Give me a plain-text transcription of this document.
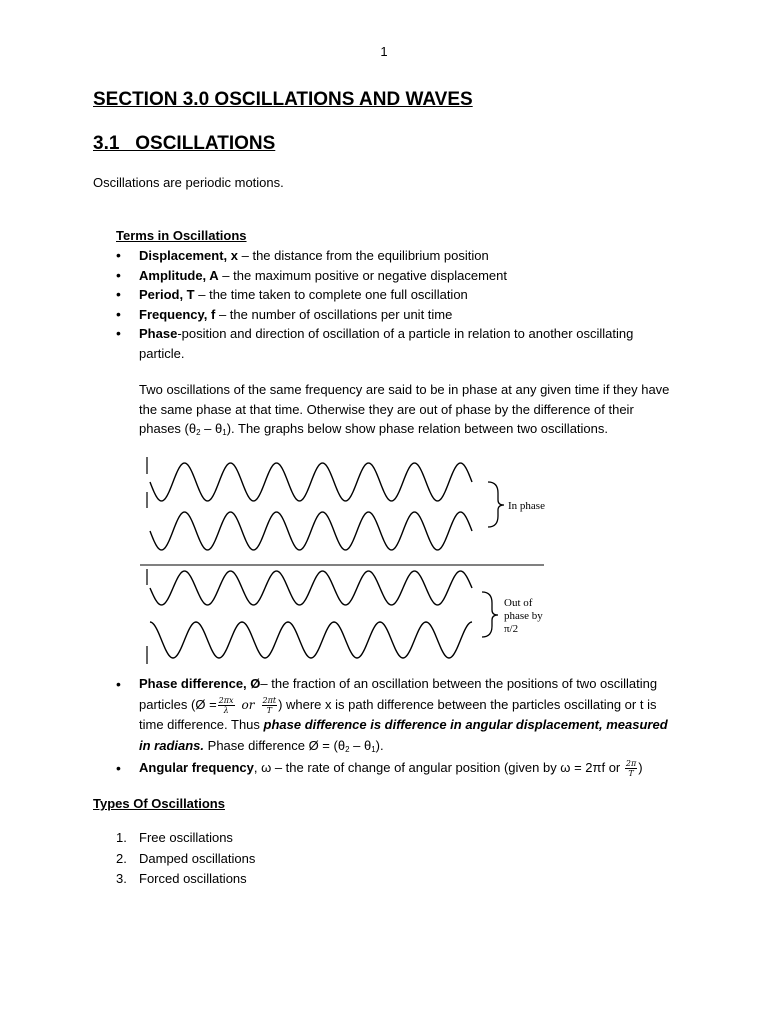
1
SECTION 3.0 OSCILLATIONS AND WAVES
3.1   OSCILLATIONS
Oscillations are periodic motions.
Terms in Oscillations
• Displacement, x – the distance from the equilibrium position
• Amplitude, A – the maximum positive or negative displacement
• Period, T – the time taken to complete one full oscillation
• Frequency, f – the number of oscillations per unit time
• Phase-position and direction of oscillation of a particle in relation to another oscillating particle.
Two oscillations of the same frequency are said to be in phase at any given time if they have the same phase at that time. Otherwise they are out of phase by the difference of their phases $(\theta_2 - \theta_1)$. The graphs below show phase relation between two oscillations.
In phase
Out of
phase by
π/2
• Phase difference, Ø– the fraction of an oscillation between the positions of two oscillating particles (Ø = $\frac{2\pi x}{\lambda}$ or $\frac{2\pi t}{T}$ ) where x is path difference between the particles oscillating or t is time difference. Thus phase difference is difference in angular displacement, measured in radians. Phase difference Ø = $(\theta_2 - \theta_1)$.
• Angular frequency, ω – the rate of change of angular position (given by ω = 2πf or $\frac{2\pi}{T}$ )
Types Of Oscillations
1. Free oscillations
2. Damped oscillations
3. Forced oscillations
